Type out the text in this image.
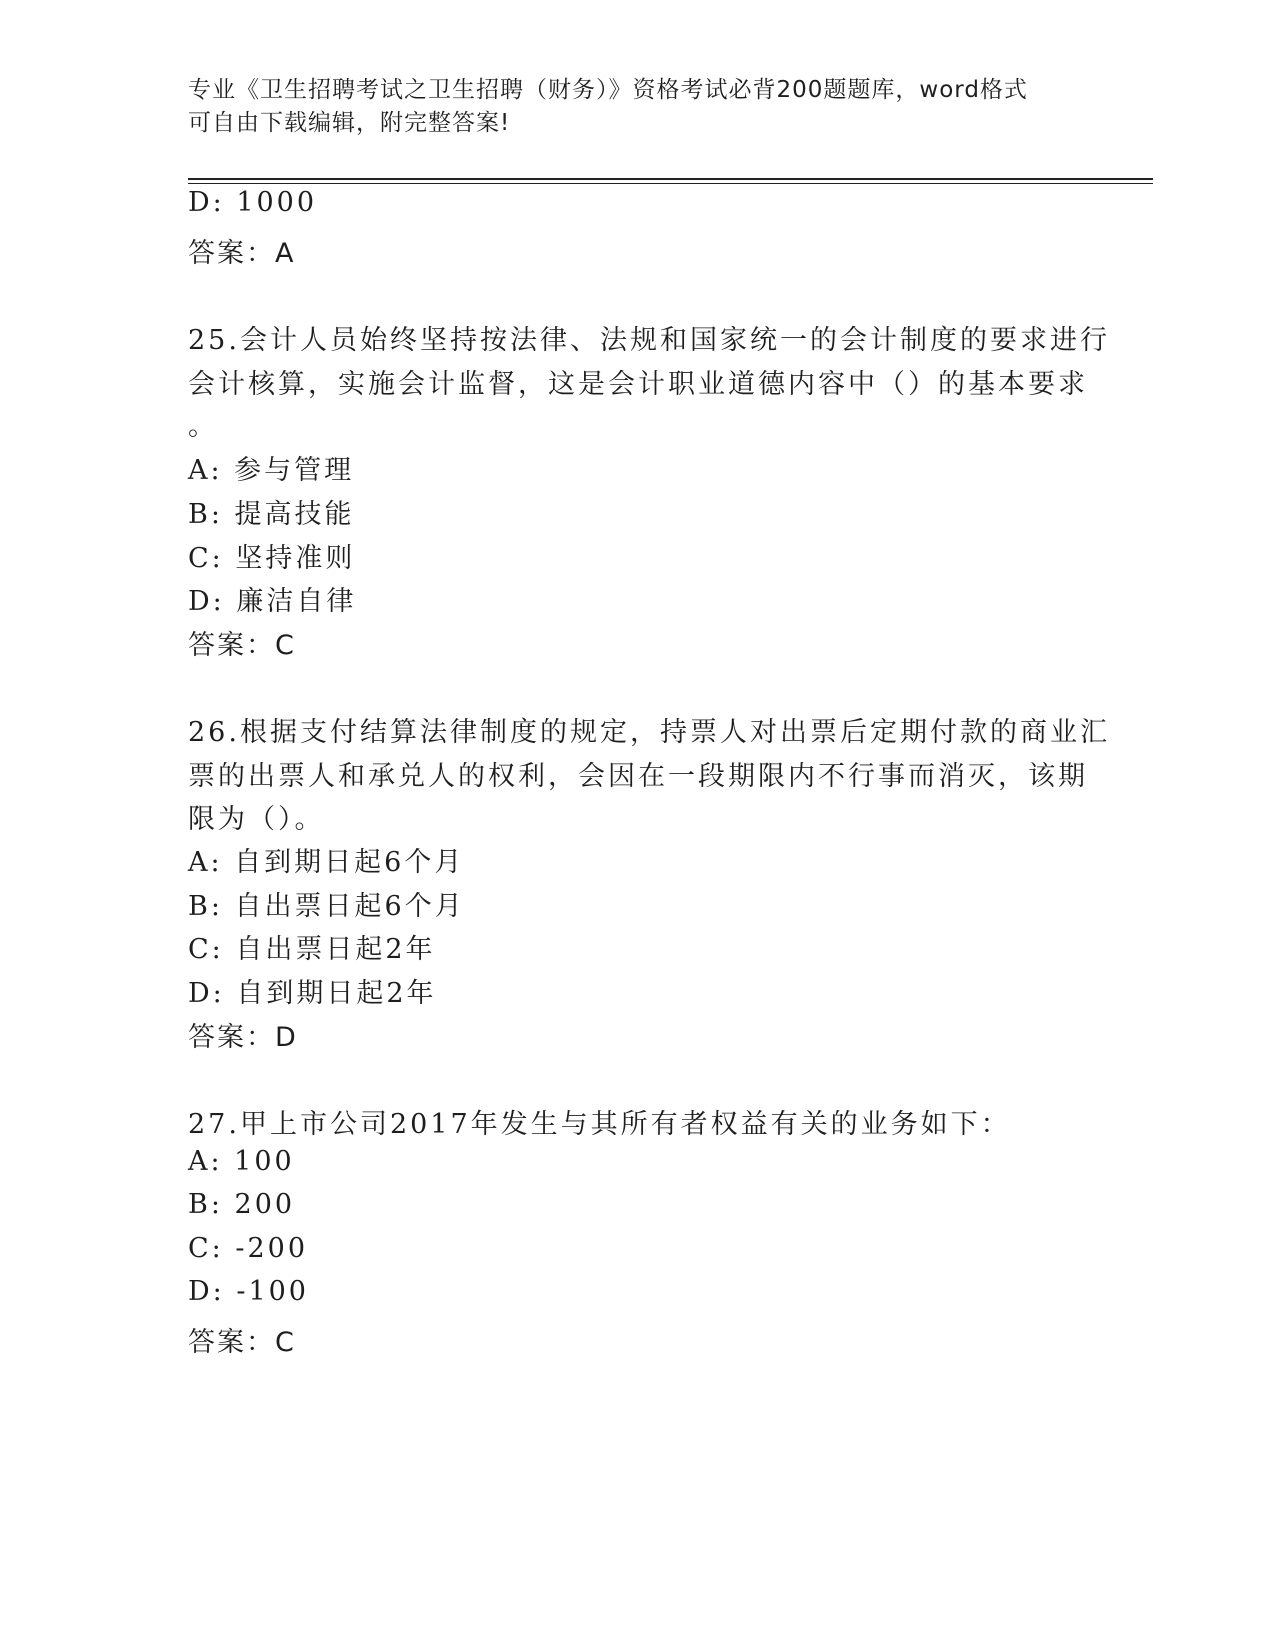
专业《卫生招聘考试之卫生招聘（财务）》资格考试必背200题题库，word格式
可自由下载编辑，附完整答案!
D: 1000
答案：A
25.会计人员始终坚持按法律、法规和国家统一的会计制度的要求进行
会计核算，实施会计监督，这是会计职业道德内容中（）的基本要求
。
A: 参与管理
B: 提高技能
C: 坚持准则
D: 廉洁自律
答案：C
26.根据支付结算法律制度的规定，持票人对出票后定期付款的商业汇
票的出票人和承兑人的权利，会因在一段期限内不行事而消灭，该期
限为（）。
A: 自到期日起6个月
B: 自出票日起6个月
C: 自出票日起2年
D: 自到期日起2年
答案：D
27.甲上市公司2017年发生与其所有者权益有关的业务如下：
A: 100
B: 200
C: -200
D: -100
答案：C
